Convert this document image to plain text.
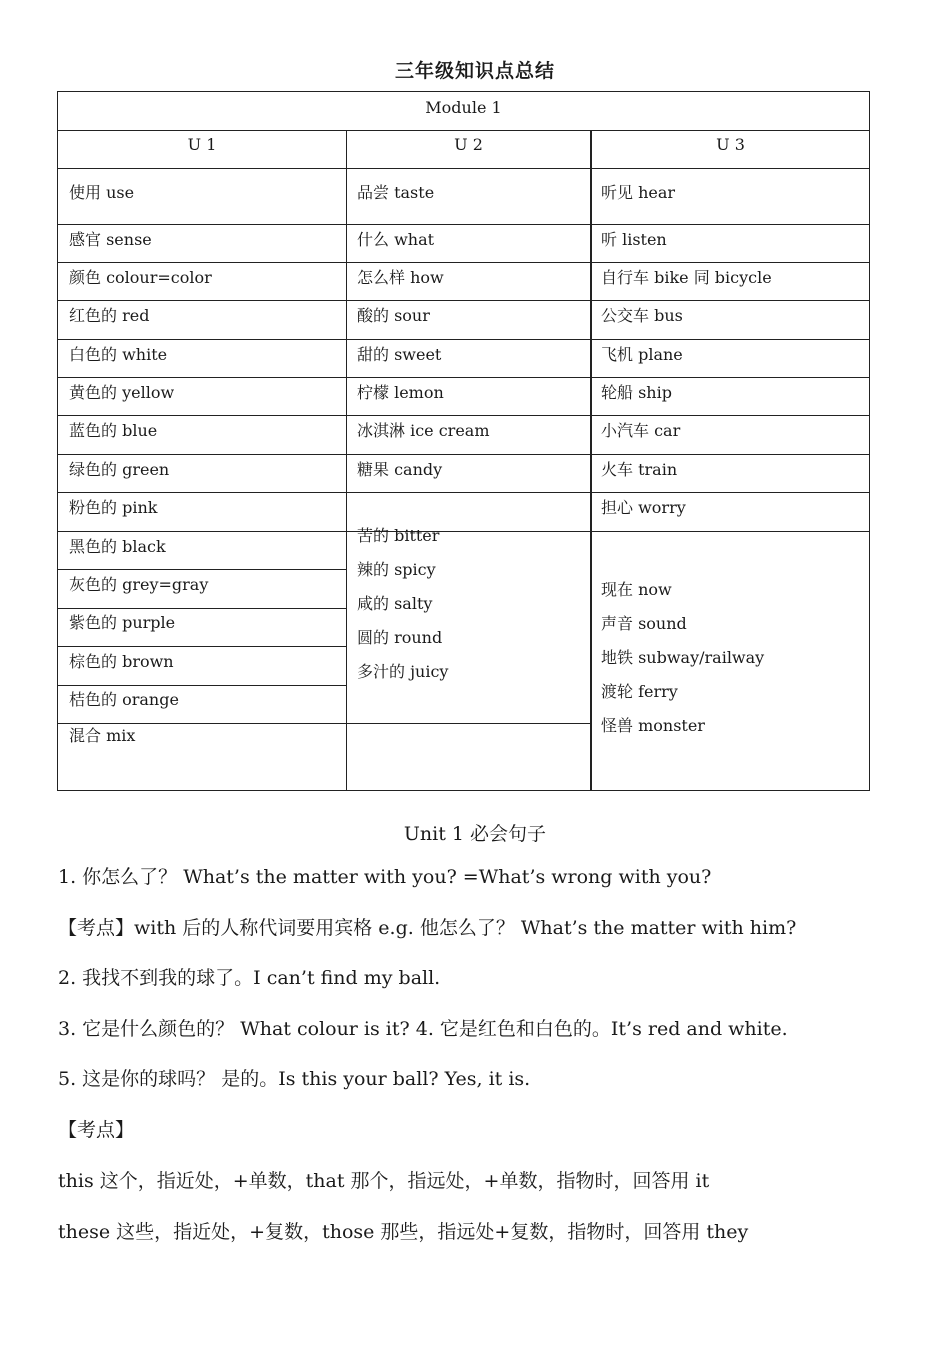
三年级知识点总结
Module 1
U 1	U 2	U 3
使用 use
感官 sense
颜色 colour=color
红色的 red
白色的 white
黄色的 yellow
蓝色的 blue
绿色的 green
粉色的 pink
黑色的 black
灰色的 grey=gray
紫色的 purple
棕色的 brown
桔色的 orange
混合 mix
品尝 taste
什么 what
怎么样 how
酸的 sour
甜的 sweet
柠檬 lemon
冰淇淋 ice cream
糖果 candy
苦的 bitter
辣的 spicy
咸的 salty
圆的 round
多汁的 juicy
听见 hear
听 listen
自行车 bike 同 bicycle
公交车 bus
飞机 plane
轮船 ship
小汽车 car
火车 train
担心 worry
现在 now
声音 sound
地铁 subway/railway
渡轮 ferry
怪兽 monster
Unit 1 必会句子
1. 你怎么了？ What’s the matter with you? =What’s wrong with you?
【考点】with 后的人称代词要用宾格 e.g. 他怎么了？ What’s the matter with him?
2. 我找不到我的球了。I can’t find my ball.
3. 它是什么颜色的？ What colour is it? 4. 它是红色和白色的。It’s red and white.
5. 这是你的球吗？ 是的。Is this your ball? Yes, it is.
【考点】
this 这个，指近处，+单数，that 那个，指远处，+单数，指物时，回答用 it
these 这些，指近处，+复数，those 那些，指远处+复数，指物时，回答用 they
